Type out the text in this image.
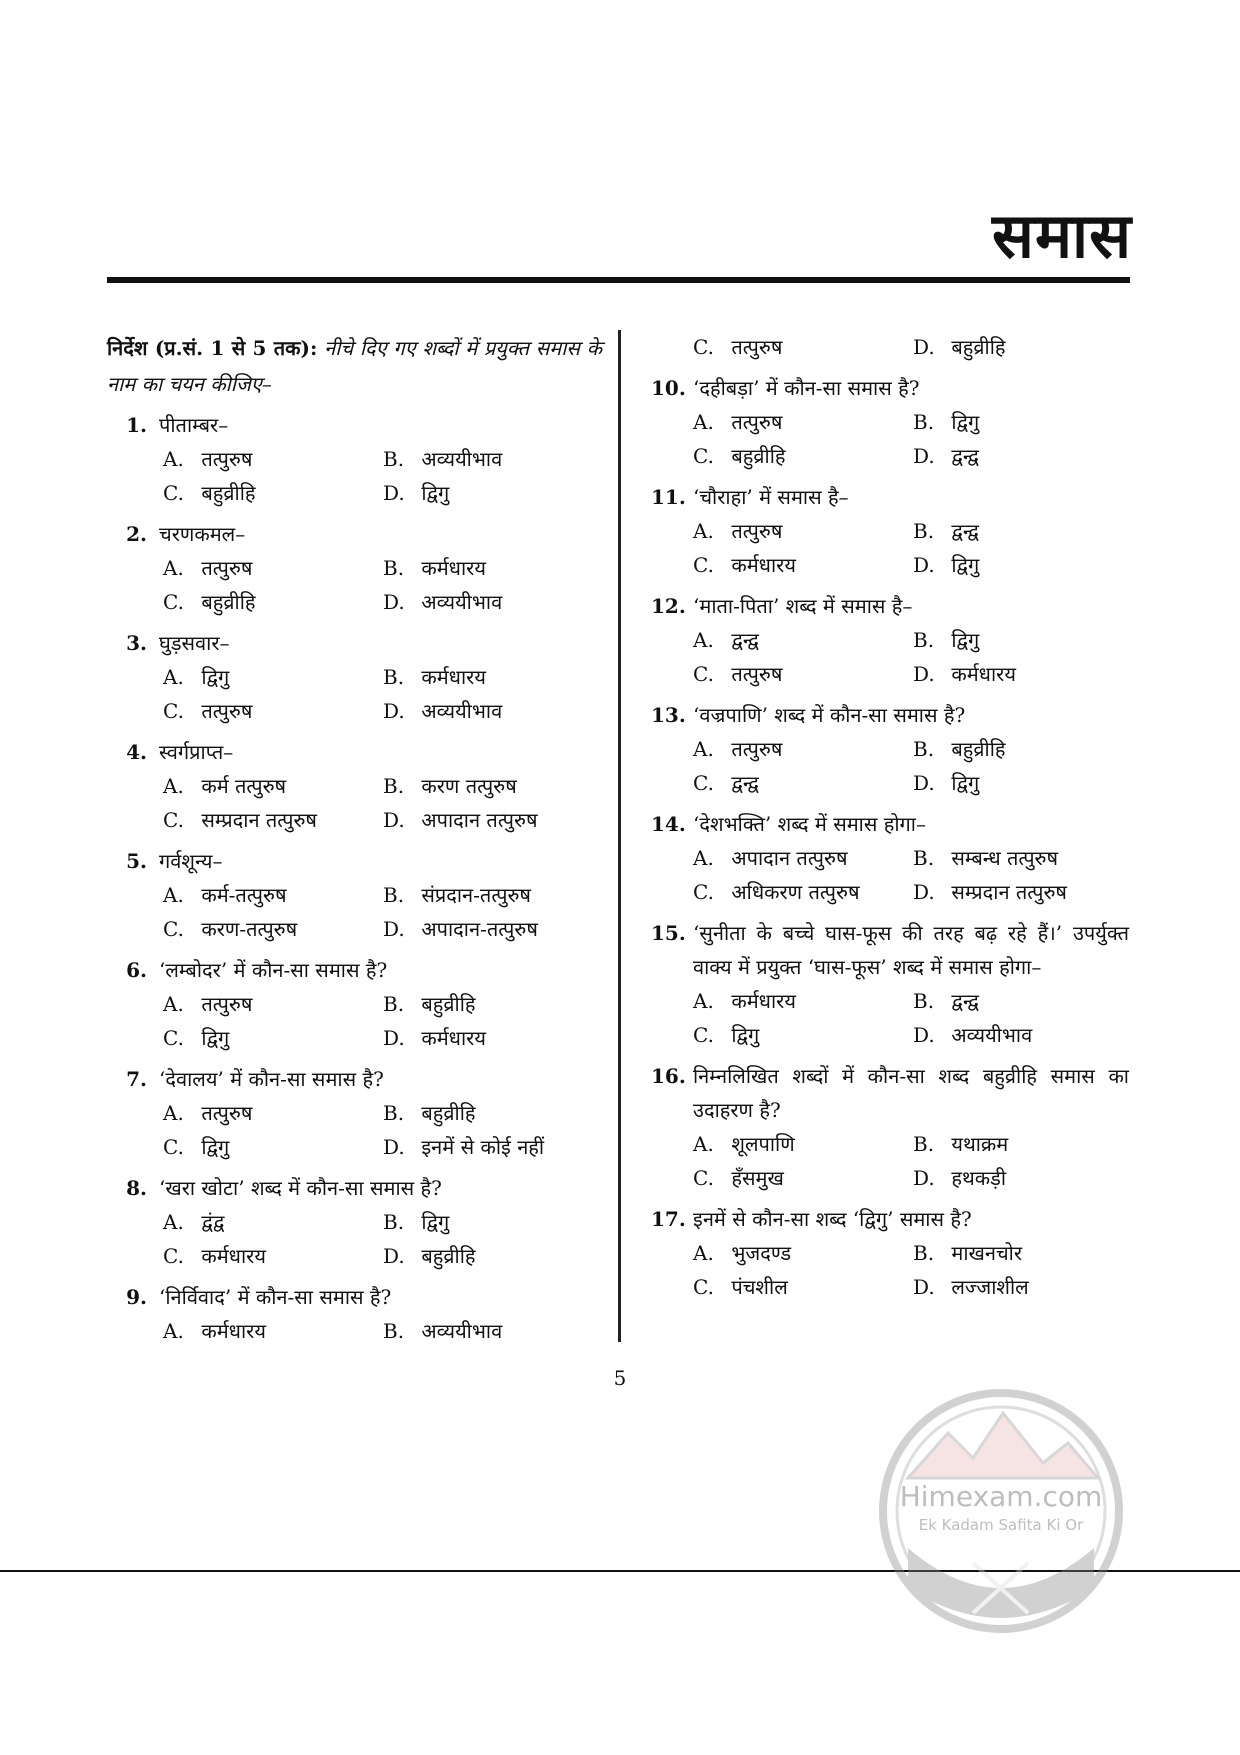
समास
निर्देश (प्र.सं. 1 से 5 तक): नीचे दिए गए शब्दों में प्रयुक्त समास के नाम का चयन कीजिए–
1. पीताम्बर–
A. तत्पुरुष	B. अव्ययीभाव
C. बहुव्रीहि	D. द्विगु
2. चरणकमल–
A. तत्पुरुष	B. कर्मधारय
C. बहुव्रीहि	D. अव्ययीभाव
3. घुड़सवार–
A. द्विगु	B. कर्मधारय
C. तत्पुरुष	D. अव्ययीभाव
4. स्वर्गप्राप्त–
A. कर्म तत्पुरुष	B. करण तत्पुरुष
C. सम्प्रदान तत्पुरुष	D. अपादान तत्पुरुष
5. गर्वशून्य–
A. कर्म-तत्पुरुष	B. संप्रदान-तत्पुरुष
C. करण-तत्पुरुष	D. अपादान-तत्पुरुष
6. ‘लम्बोदर’ में कौन-सा समास है?
A. तत्पुरुष	B. बहुव्रीहि
C. द्विगु	D. कर्मधारय
7. ‘देवालय’ में कौन-सा समास है?
A. तत्पुरुष	B. बहुव्रीहि
C. द्विगु	D. इनमें से कोई नहीं
8. ‘खरा खोटा’ शब्द में कौन-सा समास है?
A. द्वंद्व	B. द्विगु
C. कर्मधारय	D. बहुव्रीहि
9. ‘निर्विवाद’ में कौन-सा समास है?
A. कर्मधारय	B. अव्ययीभाव
C. तत्पुरुष	D. बहुव्रीहि
10. ‘दहीबड़ा’ में कौन-सा समास है?
A. तत्पुरुष	B. द्विगु
C. बहुव्रीहि	D. द्वन्द्व
11. ‘चौराहा’ में समास है–
A. तत्पुरुष	B. द्वन्द्व
C. कर्मधारय	D. द्विगु
12. ‘माता-पिता’ शब्द में समास है–
A. द्वन्द्व	B. द्विगु
C. तत्पुरुष	D. कर्मधारय
13. ‘वज्रपाणि’ शब्द में कौन-सा समास है?
A. तत्पुरुष	B. बहुव्रीहि
C. द्वन्द्व	D. द्विगु
14. ‘देशभक्ति’ शब्द में समास होगा–
A. अपादान तत्पुरुष	B. सम्बन्ध तत्पुरुष
C. अधिकरण तत्पुरुष	D. सम्प्रदान तत्पुरुष
15. ‘सुनीता के बच्चे घास-फूस की तरह बढ़ रहे हैं।’ उपर्युक्त वाक्य में प्रयुक्त ‘घास-फूस’ शब्द में समास होगा–
A. कर्मधारय	B. द्वन्द्व
C. द्विगु	D. अव्ययीभाव
16. निम्नलिखित शब्दों में कौन-सा शब्द बहुव्रीहि समास का उदाहरण है?
A. शूलपाणि	B. यथाक्रम
C. हँसमुख	D. हथकड़ी
17. इनमें से कौन-सा शब्द ‘द्विगु’ समास है?
A. भुजदण्ड	B. माखनचोर
C. पंचशील	D. लज्जाशील
5
Himexam.com
Ek Kadam Safita Ki Or
